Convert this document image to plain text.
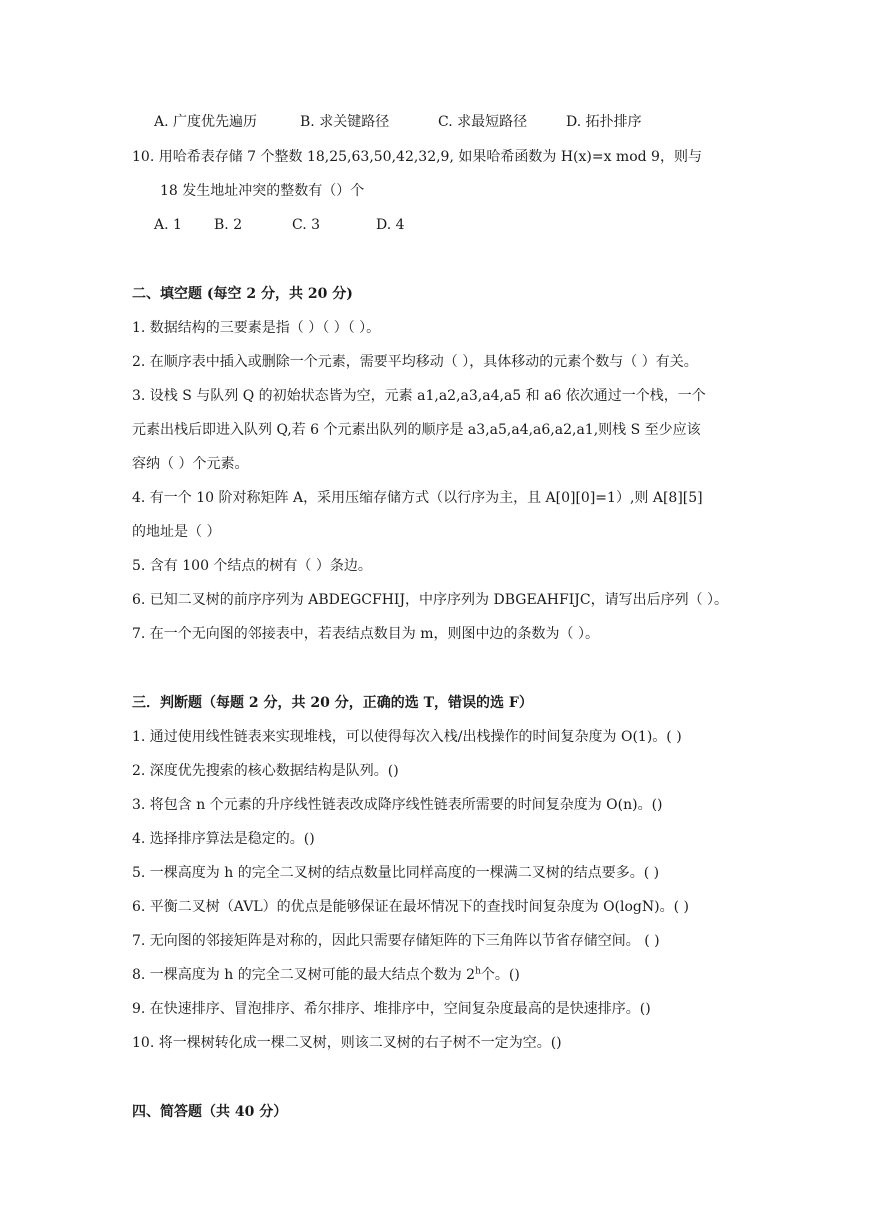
A. 广度优先遍历	B. 求关键路径	C. 求最短路径	D. 拓扑排序
10. 用哈希表存储 7 个整数 18,25,63,50,42,32,9, 如果哈希函数为 H(x)=x mod 9，则与
18 发生地址冲突的整数有（）个
A. 1 B. 2	C. 3	D. 4
二、填空题 (每空 2 分，共 20 分)
1. 数据结构的三要素是指（ ）（ ）（ ）。
2. 在顺序表中插入或删除一个元素，需要平均移动（ ），具体移动的元素个数与（ ）有关。
3. 设栈 S 与队列 Q 的初始状态皆为空，元素 a1,a2,a3,a4,a5 和 a6 依次通过一个栈，一个
元素出栈后即进入队列 Q,若 6 个元素出队列的顺序是 a3,a5,a4,a6,a2,a1,则栈 S 至少应该
容纳（ ）个元素。
4. 有一个 10 阶对称矩阵 A，采用压缩存储方式（以行序为主，且 A[0][0]=1）,则 A[8][5]
的地址是（ ）
5. 含有 100 个结点的树有（ ）条边。
6. 已知二叉树的前序序列为 ABDEGCFHIJ，中序序列为 DBGEAHFIJC，请写出后序列（ ）。
7. 在一个无向图的邻接表中，若表结点数目为 m，则图中边的条数为（ ）。
三．判断题（每题 2 分，共 20 分，正确的选 T，错误的选 F）
1. 通过使用线性链表来实现堆栈，可以使得每次入栈/出栈操作的时间复杂度为 O(1)。( )
2. 深度优先搜索的核心数据结构是队列。()
3. 将包含 n 个元素的升序线性链表改成降序线性链表所需要的时间复杂度为 O(n)。()
4. 选择排序算法是稳定的。()
5. 一棵高度为 h 的完全二叉树的结点数量比同样高度的一棵满二叉树的结点要多。( )
6. 平衡二叉树（AVL）的优点是能够保证在最坏情况下的查找时间复杂度为 O(logN)。( )
7. 无向图的邻接矩阵是对称的，因此只需要存储矩阵的下三角阵以节省存储空间。 ( )
8. 一棵高度为 h 的完全二叉树可能的最大结点个数为 2$^h$个。()
9. 在快速排序、冒泡排序、希尔排序、堆排序中，空间复杂度最高的是快速排序。()
10. 将一棵树转化成一棵二叉树，则该二叉树的右子树不一定为空。()
四、简答题（共 40 分）
